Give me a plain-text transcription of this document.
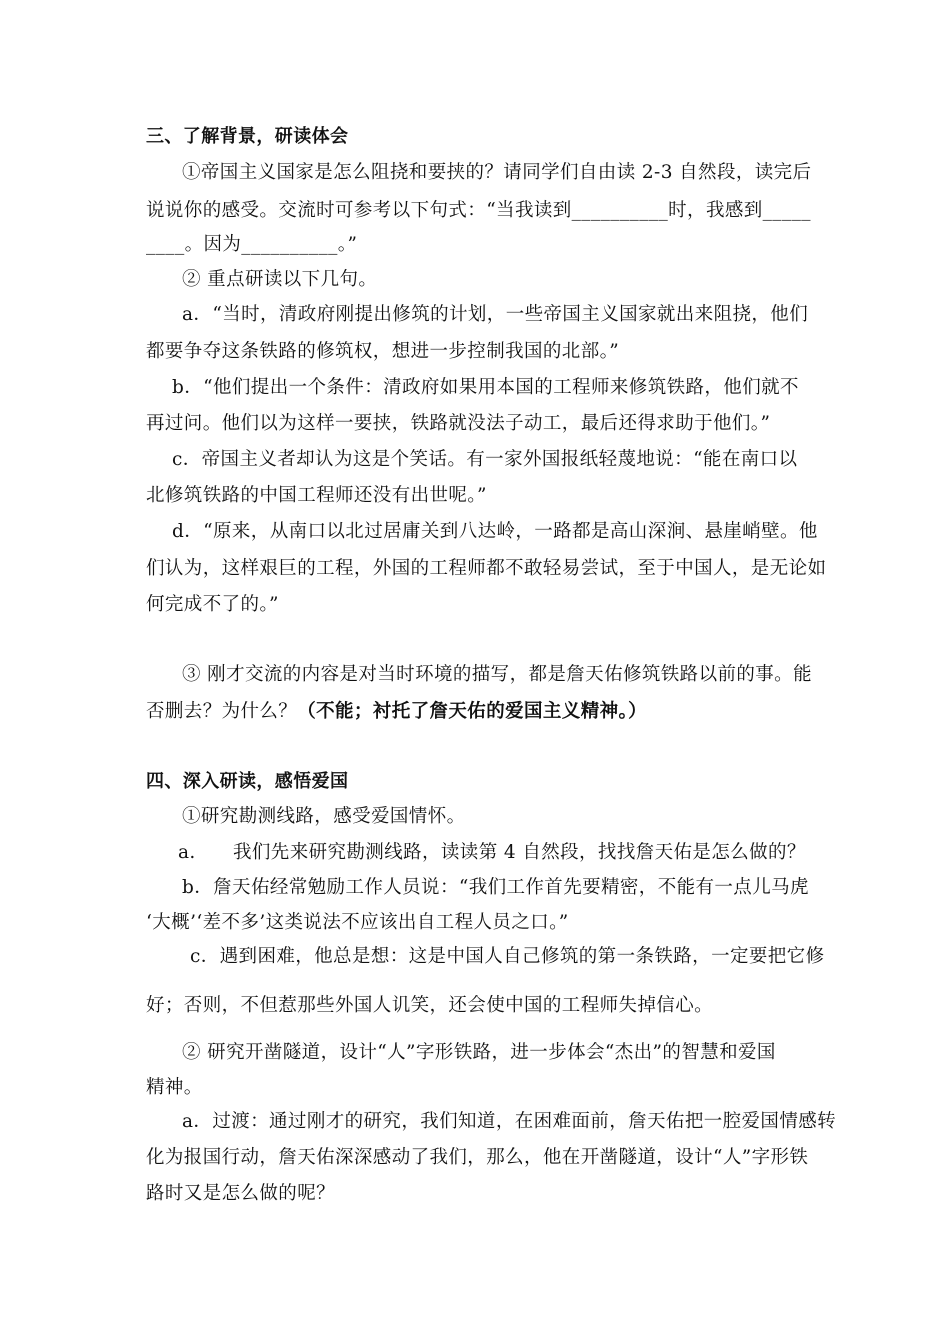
三、了解背景，研读体会
①帝国主义国家是怎么阻挠和要挟的？请同学们自由读 2-3 自然段，读完后
说说你的感受。交流时可参考以下句式：“当我读到__________时，我感到_____
____。因为__________。”
② 重点研读以下几句。
a．“当时，清政府刚提出修筑的计划，一些帝国主义国家就出来阻挠，他们
都要争夺这条铁路的修筑权，想进一步控制我国的北部。”
b．“他们提出一个条件：清政府如果用本国的工程师来修筑铁路，他们就不
再过问。他们以为这样一要挟，铁路就没法子动工，最后还得求助于他们。”
c．帝国主义者却认为这是个笑话。有一家外国报纸轻蔑地说：“能在南口以
北修筑铁路的中国工程师还没有出世呢。”
d．“原来，从南口以北过居庸关到八达岭，一路都是高山深涧、悬崖峭壁。他
们认为，这样艰巨的工程，外国的工程师都不敢轻易尝试，至于中国人，是无论如
何完成不了的。”
③ 刚才交流的内容是对当时环境的描写，都是詹天佑修筑铁路以前的事。能
否删去？为什么？（不能；衬托了詹天佑的爱国主义精神。）
四、深入研读，感悟爱国
①研究勘测线路，感受爱国情怀。
a. 我们先来研究勘测线路，读读第 4 自然段，找找詹天佑是怎么做的？
b．詹天佑经常勉励工作人员说：“我们工作首先要精密，不能有一点儿马虎
‘大概’‘差不多’这类说法不应该出自工程人员之口。”
c．遇到困难，他总是想：这是中国人自己修筑的第一条铁路，一定要把它修
好；否则，不但惹那些外国人讥笑，还会使中国的工程师失掉信心。
② 研究开凿隧道，设计“人”字形铁路，进一步体会“杰出”的智慧和爱国
精神。
a．过渡：通过刚才的研究，我们知道，在困难面前，詹天佑把一腔爱国情感转
化为报国行动，詹天佑深深感动了我们，那么，他在开凿隧道，设计“人”字形铁
路时又是怎么做的呢？
